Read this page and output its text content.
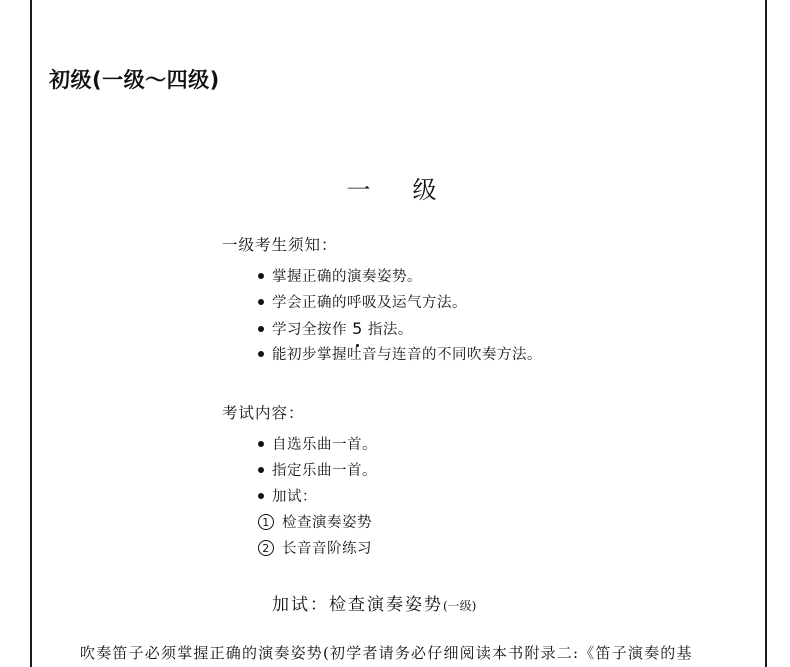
初级(一级～四级)
一级
一级考生须知：
掌握正确的演奏姿势。
学会正确的呼吸及运气方法。
学习全按作 5 指法。
能初步掌握吐音与连音的不同吹奏方法。
考试内容：
自选乐曲一首。
指定乐曲一首。
加试：
1 检查演奏姿势
2 长音音阶练习
加试：检查演奏姿势(一级)

吹奏笛子必须掌握正确的演奏姿势(初学者请务必仔细阅读本书附录二:《笛子演奏的基
